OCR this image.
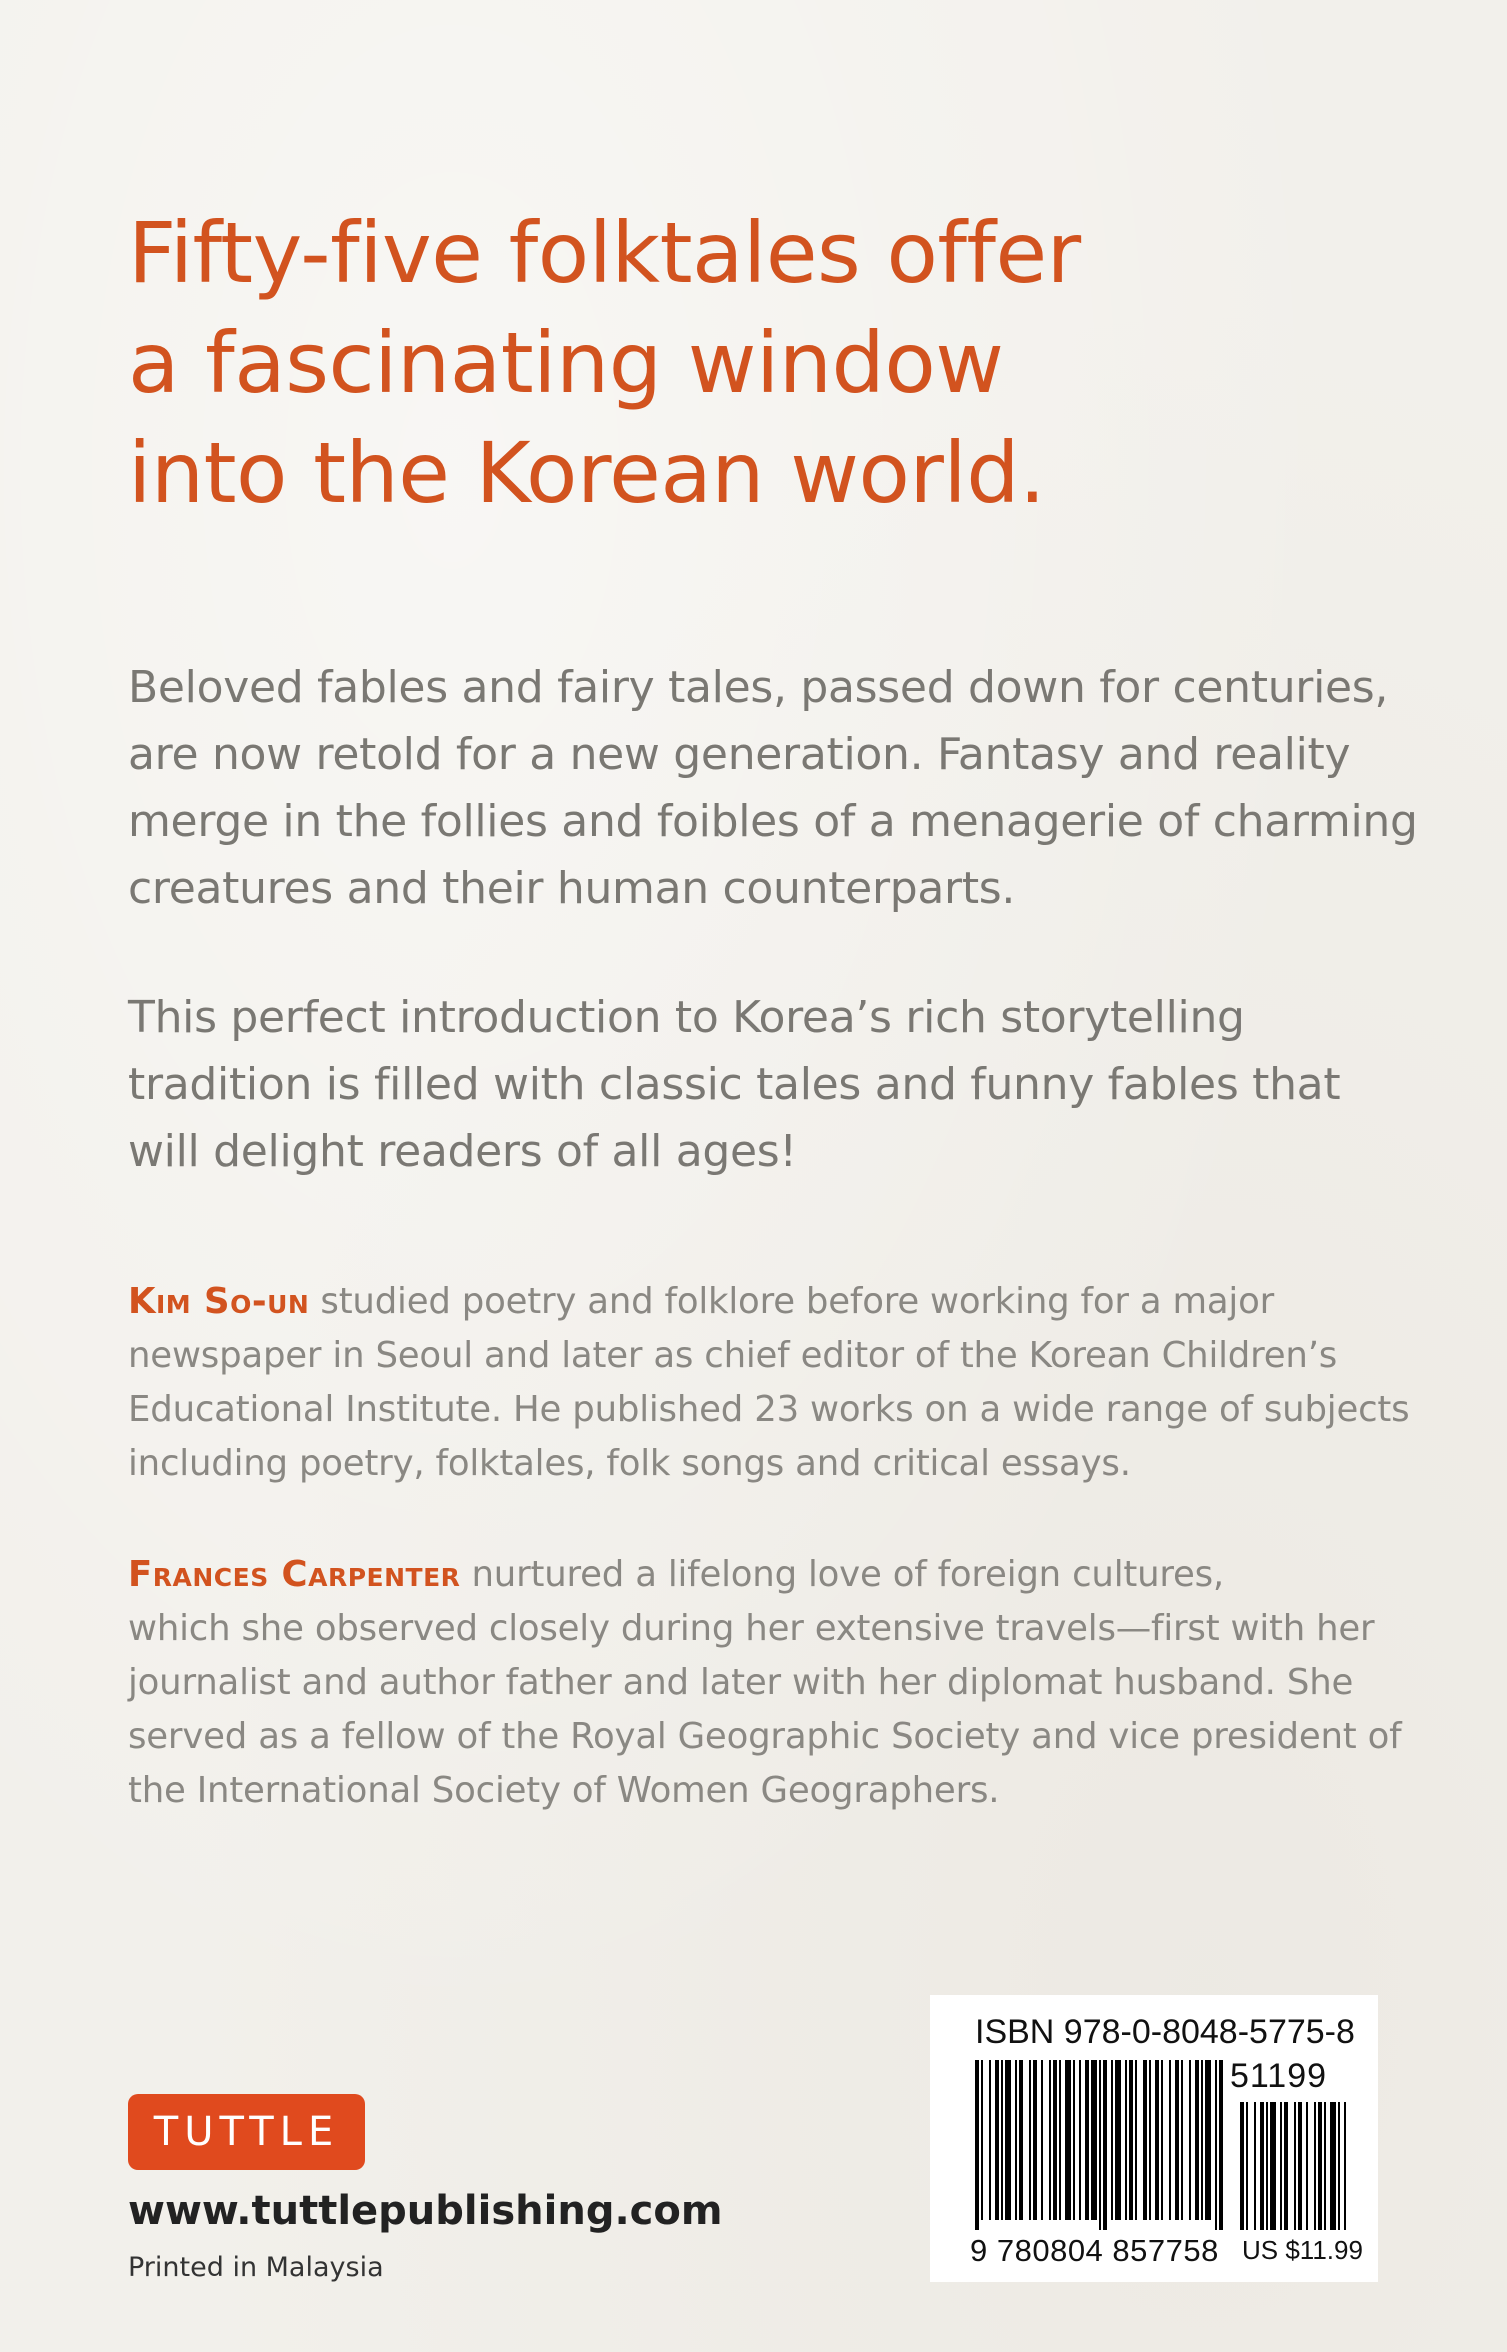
Fifty-five folktales offer
a fascinating window
into the Korean world.

Beloved fables and fairy tales, passed down for centuries,
are now retold for a new generation. Fantasy and reality
merge in the follies and foibles of a menagerie of charming
creatures and their human counterparts.

This perfect introduction to Korea’s rich storytelling
tradition is filled with classic tales and funny fables that
will delight readers of all ages!

Kim So-un studied poetry and folklore before working for a major
newspaper in Seoul and later as chief editor of the Korean Children’s
Educational Institute. He published 23 works on a wide range of subjects
including poetry, folktales, folk songs and critical essays.

Frances Carpenter nurtured a lifelong love of foreign cultures,
which she observed closely during her extensive travels—first with her
journalist and author father and later with her diplomat husband. She
served as a fellow of the Royal Geographic Society and vice president of
the International Society of Women Geographers.

TUTTLE

www.tuttlepublishing.com

Printed in Malaysia

ISBN 978-0-8048-5775-8
51199
9 780804 857758 US $11.99
